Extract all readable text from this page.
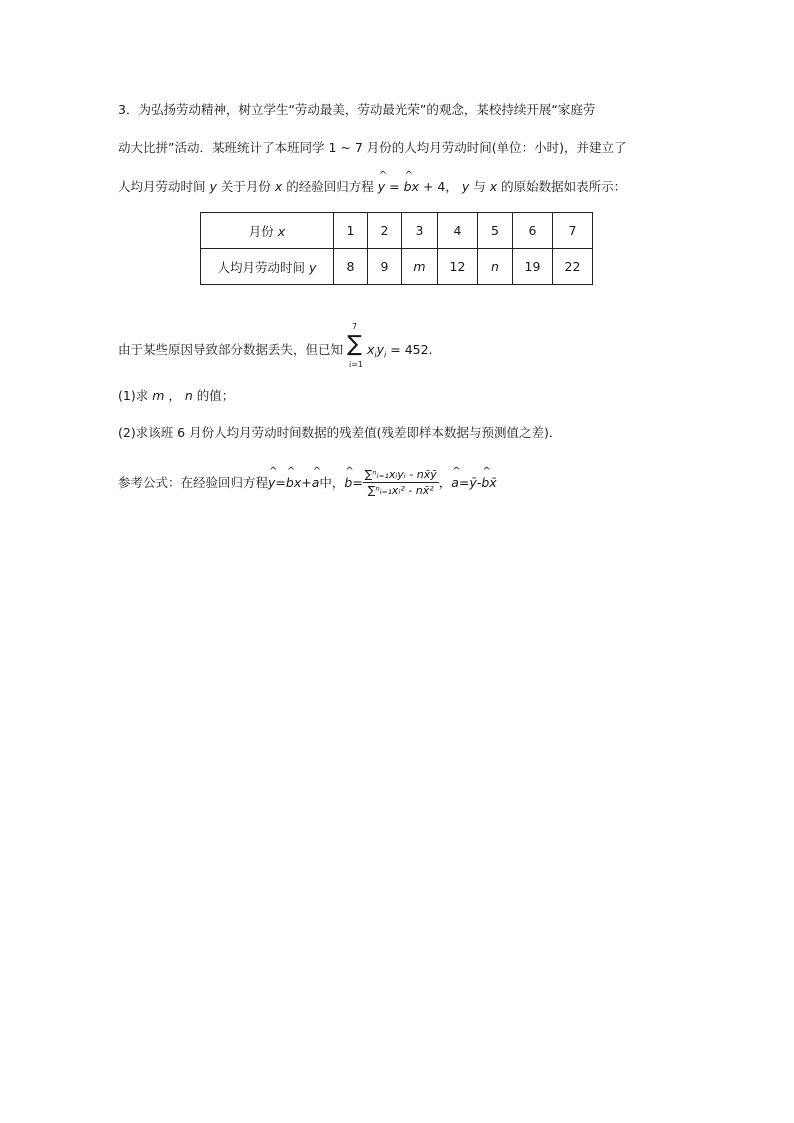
3．为弘扬劳动精神，树立学生“劳动最美，劳动最光荣”的观念，某校持续开展“家庭劳
动大比拼”活动．某班统计了本班同学 1 ~ 7 月份的人均月劳动时间(单位：小时)，并建立了
人均月劳动时间 y 关于月份 x 的经验回归方程 ^ y = ^ bx + 4， y 与 x 的原始数据如表所示：
月份 x	1	2	3	4	5	6	7
人均月劳动时间 y	8	9	m	12	n	19	22
由于某些原因导致部分数据丢失，但已知
7
∑
i=1
$x_iy_i = 452$.
(1)求 m ， n 的值；
(2)求该班 6 月份人均月劳动时间数据的残差值(残差即样本数据与预测值之差)．
参考公式：在经验回归方程 ^ y = ^ b x + ^ a 中， ^ $b = \frac{\text{∑ⁿᵢ₌₁xᵢyᵢ - nx̄ȳ}}{\text{∑ⁿᵢ₌₁xᵢ² - nx̄²}}$ ， ^ a = ȳ - ^ b x̄
